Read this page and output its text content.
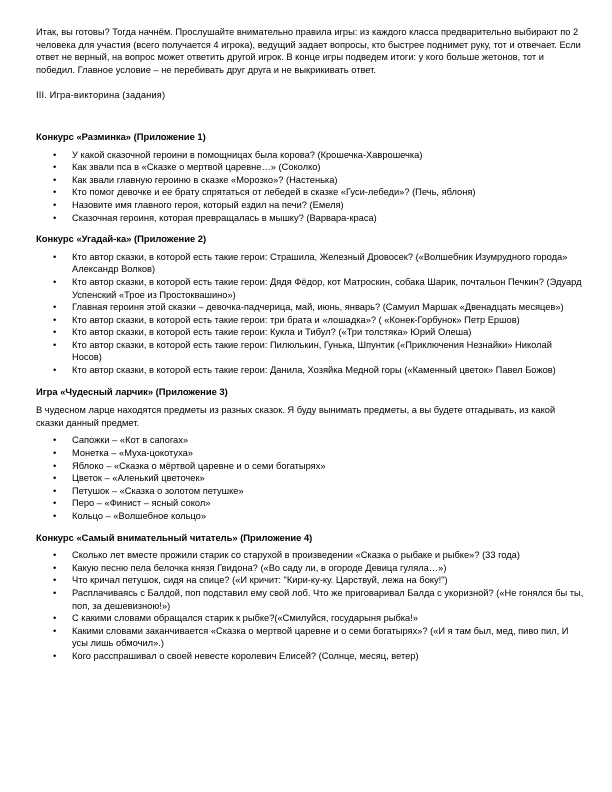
Итак, вы готовы? Тогда начнём. Прослушайте внимательно правила игры: из каждого класса предварительно выбирают по 2 человека для участия (всего получается 4 игрока), ведущий задает вопросы, кто быстрее поднимет руку, тот и отвечает. Если ответ не верный, на вопрос может ответить другой игрок. В конце игры подведем итоги: у кого больше жетонов, тот и победил. Главное условие – не перебивать друг друга и не выкрикивать ответ.

III. Игра-викторина (задания)

Конкурс «Разминка» (Приложение 1)
• У какой сказочной героини в помощницах была корова? (Крошечка-Хаврошечка)
• Как звали пса в «Сказке о мертвой царевне…» (Соколко)
• Как звали главную героиню в сказке «Морозко»? (Настенька)
• Кто помог девочке и ее брату спрятаться от лебедей в сказке «Гуси-лебеди»? (Печь, яблоня)
• Назовите имя главного героя, который ездил на печи? (Емеля)
• Сказочная героиня, которая превращалась в мышку? (Варвара-краса)
Конкурс «Угадай-ка» (Приложение 2)
• Кто автор сказки, в которой есть такие герои: Страшила, Железный Дровосек? («Волшебник Изумрудного города» Александр Волков)
• Кто автор сказки, в которой есть такие герои: Дядя Фёдор, кот Матроскин, собака Шарик, почтальон Печкин? (Эдуард Успенский «Трое из Простоквашино»)
• Главная героиня этой сказки – девочка-падчерица, май, июнь, январь? (Самуил Маршак «Двенадцать месяцев»)
• Кто автор сказки, в которой есть такие герои: три брата и «лошадка»? ( «Конек-Горбунок» Петр Ершов)
• Кто автор сказки, в которой есть такие герои: Кукла и Тибул? («Три толстяка» Юрий Олеша)
• Кто автор сказки, в которой есть такие герои: Пилюлькин, Гунька, Шпунтик («Приключения Незнайки» Николай Носов)
• Кто автор сказки, в которой есть такие герои: Данила, Хозяйка Медной горы («Каменный цветок» Павел Божов)
Игра «Чудесный ларчик» (Приложение 3)

В чудесном ларце находятся предметы из разных сказок. Я буду вынимать предметы, а вы будете отгадывать, из какой сказки данный предмет.

• Сапожки – «Кот в сапогах»
• Монетка – «Муха-цокотуха»
• Яблоко – «Сказка о мёртвой царевне и о семи богатырях»
• Цветок – «Аленький цветочек»
• Петушок – «Сказка о золотом петушке»
• Перо – «Финист – ясный сокол»
• Кольцо – «Волшебное кольцо»
Конкурс «Самый внимательный читатель» (Приложение 4)
• Сколько лет вместе прожили старик со старухой в произведении «Сказка о рыбаке и рыбке»? (33 года)
• Какую песню пела белочка князя Гвидона? («Во саду ли, в огороде Девица гуляла…»)
• Что кричал петушок, сидя на спице? («И кричит: "Кири-ку-ку. Царствуй, лежа на боку!")
• Расплачиваясь с Балдой, поп подставил ему свой лоб. Что же приговаривал Балда с укоризной? («Не гонялся бы ты, поп, за дешевизною!»)
• С какими словами обращался старик к рыбке?(«Смилуйся, государыня рыбка!»
• Какими словами заканчивается «Сказка о мертвой царевне и о семи богатырях»? («И я там был, мед, пиво пил, И усы лишь обмочил».)
• Кого расспрашивал о своей невесте королевич Елисей? (Солнце, месяц, ветер)
